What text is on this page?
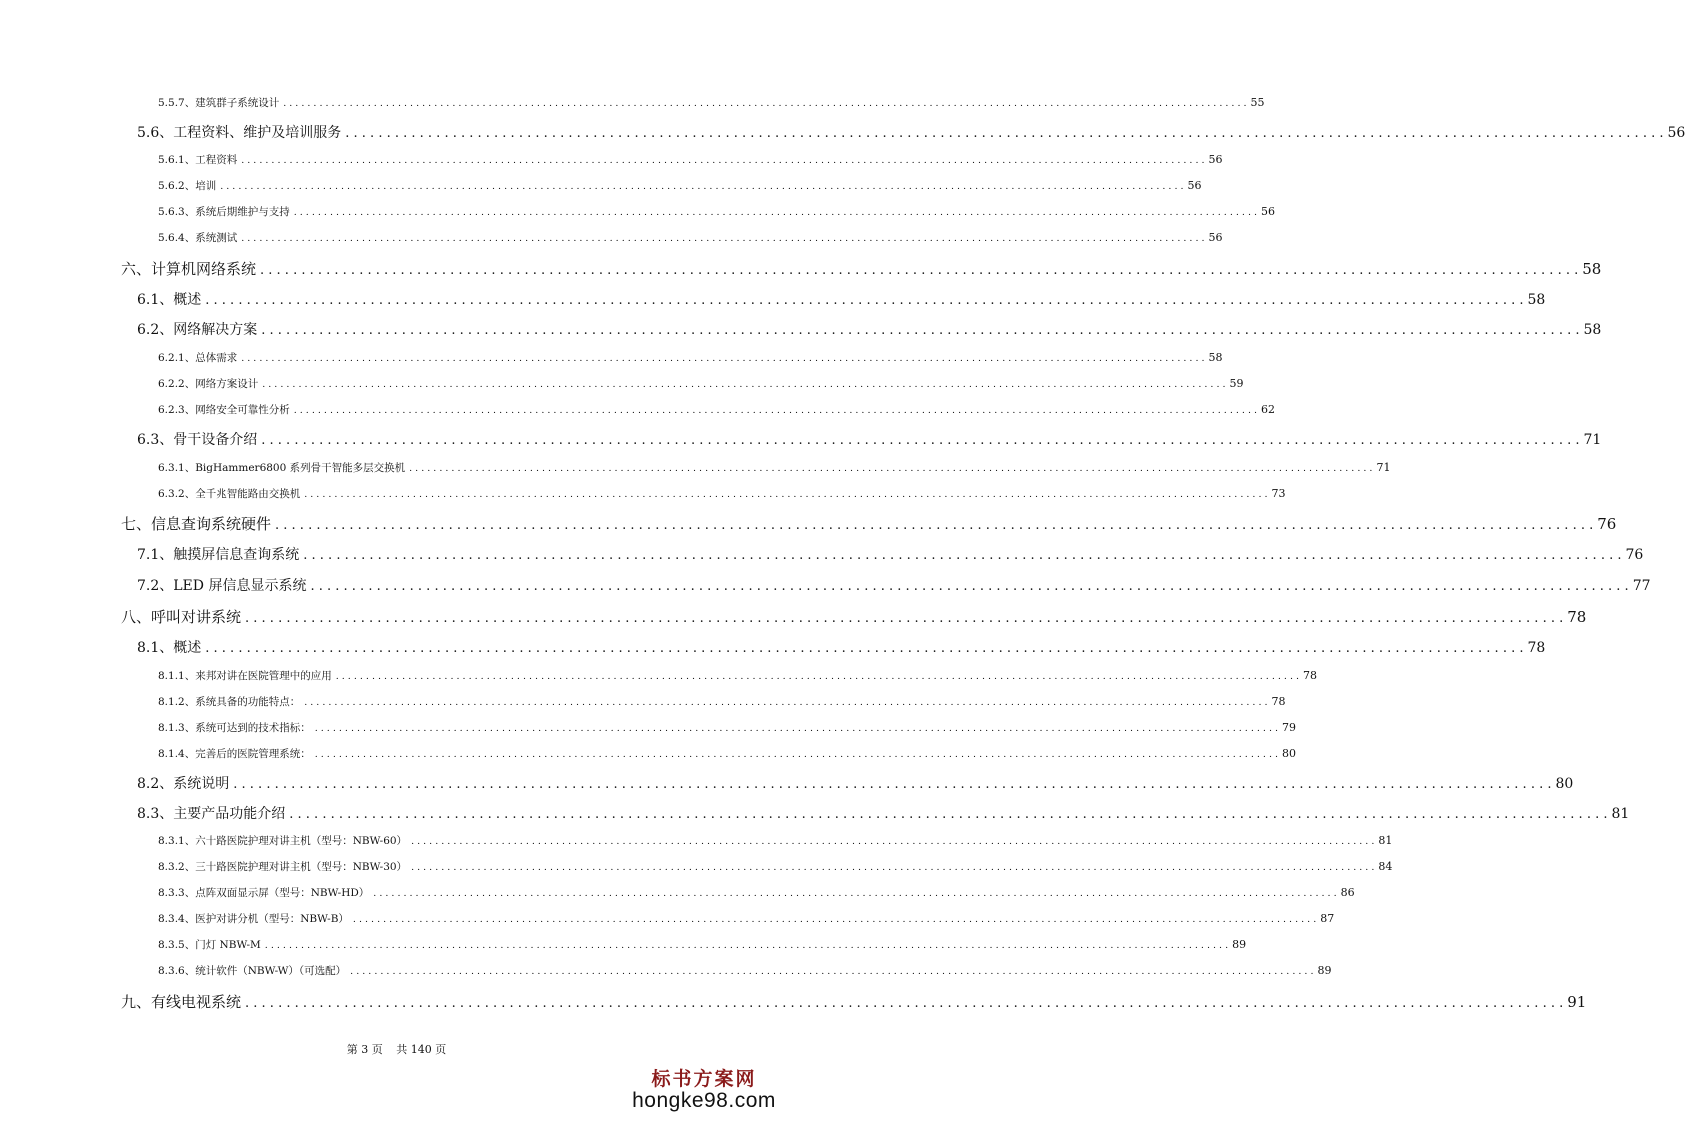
5.5.7、建筑群子系统设计 . . . . . . . . . . . . . . . . . . . . . . . . . . . . . . . . . . . . . . . . . . . . . . . . . . . . . . . . . . . . . . . . . . . . . . . . . . . . . . . . . . . . . . . . . . . . . . . . . . . . . . . . . . . . . . . . . . . . . . . . . . . . . . . . . . . . . . . . . . . . . . . . . . . . . . . . . . . . . . . . 55
5.6、工程资料、维护及培训服务 . . . . . . . . . . . . . . . . . . . . . . . . . . . . . . . . . . . . . . . . . . . . . . . . . . . . . . . . . . . . . . . . . . . . . . . . . . . . . . . . . . . . . . . . . . . . . . . . . . . . . . . . . . . . . . . . . . . . . . . . . . . . . . . . . . . . . . . . . . . . . . . . . . . . . . . . . . . . . . . . 56
5.6.1、工程资料 . . . . . . . . . . . . . . . . . . . . . . . . . . . . . . . . . . . . . . . . . . . . . . . . . . . . . . . . . . . . . . . . . . . . . . . . . . . . . . . . . . . . . . . . . . . . . . . . . . . . . . . . . . . . . . . . . . . . . . . . . . . . . . . . . . . . . . . . . . . . . . . . . . . . . . . . . . . . . . . . 56
5.6.2、培训 . . . . . . . . . . . . . . . . . . . . . . . . . . . . . . . . . . . . . . . . . . . . . . . . . . . . . . . . . . . . . . . . . . . . . . . . . . . . . . . . . . . . . . . . . . . . . . . . . . . . . . . . . . . . . . . . . . . . . . . . . . . . . . . . . . . . . . . . . . . . . . . . . . . . . . . . . . . . . . . . 56
5.6.3、系统后期维护与支持 . . . . . . . . . . . . . . . . . . . . . . . . . . . . . . . . . . . . . . . . . . . . . . . . . . . . . . . . . . . . . . . . . . . . . . . . . . . . . . . . . . . . . . . . . . . . . . . . . . . . . . . . . . . . . . . . . . . . . . . . . . . . . . . . . . . . . . . . . . . . . . . . . . . . . . . . . . . . . . . . 56
5.6.4、系统测试 . . . . . . . . . . . . . . . . . . . . . . . . . . . . . . . . . . . . . . . . . . . . . . . . . . . . . . . . . . . . . . . . . . . . . . . . . . . . . . . . . . . . . . . . . . . . . . . . . . . . . . . . . . . . . . . . . . . . . . . . . . . . . . . . . . . . . . . . . . . . . . . . . . . . . . . . . . . . . . . . 56
六、计算机网络系统 . . . . . . . . . . . . . . . . . . . . . . . . . . . . . . . . . . . . . . . . . . . . . . . . . . . . . . . . . . . . . . . . . . . . . . . . . . . . . . . . . . . . . . . . . . . . . . . . . . . . . . . . . . . . . . . . . . . . . . . . . . . . . . . . . . . . . . . . . . . . . . . . . . . . . . . . . . . . . . . . 58
6.1、概述 . . . . . . . . . . . . . . . . . . . . . . . . . . . . . . . . . . . . . . . . . . . . . . . . . . . . . . . . . . . . . . . . . . . . . . . . . . . . . . . . . . . . . . . . . . . . . . . . . . . . . . . . . . . . . . . . . . . . . . . . . . . . . . . . . . . . . . . . . . . . . . . . . . . . . . . . . . . . . . . . 58
6.2、网络解决方案 . . . . . . . . . . . . . . . . . . . . . . . . . . . . . . . . . . . . . . . . . . . . . . . . . . . . . . . . . . . . . . . . . . . . . . . . . . . . . . . . . . . . . . . . . . . . . . . . . . . . . . . . . . . . . . . . . . . . . . . . . . . . . . . . . . . . . . . . . . . . . . . . . . . . . . . . . . . . . . . . 58
6.2.1、总体需求 . . . . . . . . . . . . . . . . . . . . . . . . . . . . . . . . . . . . . . . . . . . . . . . . . . . . . . . . . . . . . . . . . . . . . . . . . . . . . . . . . . . . . . . . . . . . . . . . . . . . . . . . . . . . . . . . . . . . . . . . . . . . . . . . . . . . . . . . . . . . . . . . . . . . . . . . . . . . . . . . 58
6.2.2、网络方案设计 . . . . . . . . . . . . . . . . . . . . . . . . . . . . . . . . . . . . . . . . . . . . . . . . . . . . . . . . . . . . . . . . . . . . . . . . . . . . . . . . . . . . . . . . . . . . . . . . . . . . . . . . . . . . . . . . . . . . . . . . . . . . . . . . . . . . . . . . . . . . . . . . . . . . . . . . . . . . . . . . 59
6.2.3、网络安全可靠性分析 . . . . . . . . . . . . . . . . . . . . . . . . . . . . . . . . . . . . . . . . . . . . . . . . . . . . . . . . . . . . . . . . . . . . . . . . . . . . . . . . . . . . . . . . . . . . . . . . . . . . . . . . . . . . . . . . . . . . . . . . . . . . . . . . . . . . . . . . . . . . . . . . . . . . . . . . . . . . . . . . 62
6.3、骨干设备介绍 . . . . . . . . . . . . . . . . . . . . . . . . . . . . . . . . . . . . . . . . . . . . . . . . . . . . . . . . . . . . . . . . . . . . . . . . . . . . . . . . . . . . . . . . . . . . . . . . . . . . . . . . . . . . . . . . . . . . . . . . . . . . . . . . . . . . . . . . . . . . . . . . . . . . . . . . . . . . . . . . 71
6.3.1、BigHammer6800 系列骨干智能多层交换机 . . . . . . . . . . . . . . . . . . . . . . . . . . . . . . . . . . . . . . . . . . . . . . . . . . . . . . . . . . . . . . . . . . . . . . . . . . . . . . . . . . . . . . . . . . . . . . . . . . . . . . . . . . . . . . . . . . . . . . . . . . . . . . . . . . . . . . . . . . . . . . . . . . . . . . . . . . . . . . . . 71
6.3.2、全千兆智能路由交换机 . . . . . . . . . . . . . . . . . . . . . . . . . . . . . . . . . . . . . . . . . . . . . . . . . . . . . . . . . . . . . . . . . . . . . . . . . . . . . . . . . . . . . . . . . . . . . . . . . . . . . . . . . . . . . . . . . . . . . . . . . . . . . . . . . . . . . . . . . . . . . . . . . . . . . . . . . . . . . . . . 73
七、信息查询系统硬件 . . . . . . . . . . . . . . . . . . . . . . . . . . . . . . . . . . . . . . . . . . . . . . . . . . . . . . . . . . . . . . . . . . . . . . . . . . . . . . . . . . . . . . . . . . . . . . . . . . . . . . . . . . . . . . . . . . . . . . . . . . . . . . . . . . . . . . . . . . . . . . . . . . . . . . . . . . . . . . . . 76
7.1、触摸屏信息查询系统 . . . . . . . . . . . . . . . . . . . . . . . . . . . . . . . . . . . . . . . . . . . . . . . . . . . . . . . . . . . . . . . . . . . . . . . . . . . . . . . . . . . . . . . . . . . . . . . . . . . . . . . . . . . . . . . . . . . . . . . . . . . . . . . . . . . . . . . . . . . . . . . . . . . . . . . . . . . . . . . . 76
7.2、LED 屏信息显示系统 . . . . . . . . . . . . . . . . . . . . . . . . . . . . . . . . . . . . . . . . . . . . . . . . . . . . . . . . . . . . . . . . . . . . . . . . . . . . . . . . . . . . . . . . . . . . . . . . . . . . . . . . . . . . . . . . . . . . . . . . . . . . . . . . . . . . . . . . . . . . . . . . . . . . . . . . . . . . . . . . 77
八、呼叫对讲系统 . . . . . . . . . . . . . . . . . . . . . . . . . . . . . . . . . . . . . . . . . . . . . . . . . . . . . . . . . . . . . . . . . . . . . . . . . . . . . . . . . . . . . . . . . . . . . . . . . . . . . . . . . . . . . . . . . . . . . . . . . . . . . . . . . . . . . . . . . . . . . . . . . . . . . . . . . . . . . . . . 78
8.1、概述 . . . . . . . . . . . . . . . . . . . . . . . . . . . . . . . . . . . . . . . . . . . . . . . . . . . . . . . . . . . . . . . . . . . . . . . . . . . . . . . . . . . . . . . . . . . . . . . . . . . . . . . . . . . . . . . . . . . . . . . . . . . . . . . . . . . . . . . . . . . . . . . . . . . . . . . . . . . . . . . . 78
8.1.1、来邦对讲在医院管理中的应用 . . . . . . . . . . . . . . . . . . . . . . . . . . . . . . . . . . . . . . . . . . . . . . . . . . . . . . . . . . . . . . . . . . . . . . . . . . . . . . . . . . . . . . . . . . . . . . . . . . . . . . . . . . . . . . . . . . . . . . . . . . . . . . . . . . . . . . . . . . . . . . . . . . . . . . . . . . . . . . . . 78
8.1.2、系统具备的功能特点： . . . . . . . . . . . . . . . . . . . . . . . . . . . . . . . . . . . . . . . . . . . . . . . . . . . . . . . . . . . . . . . . . . . . . . . . . . . . . . . . . . . . . . . . . . . . . . . . . . . . . . . . . . . . . . . . . . . . . . . . . . . . . . . . . . . . . . . . . . . . . . . . . . . . . . . . . . . . . . . . 78
8.1.3、系统可达到的技术指标： . . . . . . . . . . . . . . . . . . . . . . . . . . . . . . . . . . . . . . . . . . . . . . . . . . . . . . . . . . . . . . . . . . . . . . . . . . . . . . . . . . . . . . . . . . . . . . . . . . . . . . . . . . . . . . . . . . . . . . . . . . . . . . . . . . . . . . . . . . . . . . . . . . . . . . . . . . . . . . . . 79
8.1.4、完善后的医院管理系统： . . . . . . . . . . . . . . . . . . . . . . . . . . . . . . . . . . . . . . . . . . . . . . . . . . . . . . . . . . . . . . . . . . . . . . . . . . . . . . . . . . . . . . . . . . . . . . . . . . . . . . . . . . . . . . . . . . . . . . . . . . . . . . . . . . . . . . . . . . . . . . . . . . . . . . . . . . . . . . . . 80
8.2、系统说明 . . . . . . . . . . . . . . . . . . . . . . . . . . . . . . . . . . . . . . . . . . . . . . . . . . . . . . . . . . . . . . . . . . . . . . . . . . . . . . . . . . . . . . . . . . . . . . . . . . . . . . . . . . . . . . . . . . . . . . . . . . . . . . . . . . . . . . . . . . . . . . . . . . . . . . . . . . . . . . . . 80
8.3、主要产品功能介绍 . . . . . . . . . . . . . . . . . . . . . . . . . . . . . . . . . . . . . . . . . . . . . . . . . . . . . . . . . . . . . . . . . . . . . . . . . . . . . . . . . . . . . . . . . . . . . . . . . . . . . . . . . . . . . . . . . . . . . . . . . . . . . . . . . . . . . . . . . . . . . . . . . . . . . . . . . . . . . . . . 81
8.3.1、六十路医院护理对讲主机（型号：NBW-60） . . . . . . . . . . . . . . . . . . . . . . . . . . . . . . . . . . . . . . . . . . . . . . . . . . . . . . . . . . . . . . . . . . . . . . . . . . . . . . . . . . . . . . . . . . . . . . . . . . . . . . . . . . . . . . . . . . . . . . . . . . . . . . . . . . . . . . . . . . . . . . . . . . . . . . . . . . . . . . . . 81
8.3.2、三十路医院护理对讲主机（型号：NBW-30） . . . . . . . . . . . . . . . . . . . . . . . . . . . . . . . . . . . . . . . . . . . . . . . . . . . . . . . . . . . . . . . . . . . . . . . . . . . . . . . . . . . . . . . . . . . . . . . . . . . . . . . . . . . . . . . . . . . . . . . . . . . . . . . . . . . . . . . . . . . . . . . . . . . . . . . . . . . . . . . . 84
8.3.3、点阵双面显示屏（型号：NBW-HD） . . . . . . . . . . . . . . . . . . . . . . . . . . . . . . . . . . . . . . . . . . . . . . . . . . . . . . . . . . . . . . . . . . . . . . . . . . . . . . . . . . . . . . . . . . . . . . . . . . . . . . . . . . . . . . . . . . . . . . . . . . . . . . . . . . . . . . . . . . . . . . . . . . . . . . . . . . . . . . . . 86
8.3.4、医护对讲分机（型号：NBW-B） . . . . . . . . . . . . . . . . . . . . . . . . . . . . . . . . . . . . . . . . . . . . . . . . . . . . . . . . . . . . . . . . . . . . . . . . . . . . . . . . . . . . . . . . . . . . . . . . . . . . . . . . . . . . . . . . . . . . . . . . . . . . . . . . . . . . . . . . . . . . . . . . . . . . . . . . . . . . . . . . 87
8.3.5、门灯 NBW-M . . . . . . . . . . . . . . . . . . . . . . . . . . . . . . . . . . . . . . . . . . . . . . . . . . . . . . . . . . . . . . . . . . . . . . . . . . . . . . . . . . . . . . . . . . . . . . . . . . . . . . . . . . . . . . . . . . . . . . . . . . . . . . . . . . . . . . . . . . . . . . . . . . . . . . . . . . . . . . . . 89
8.3.6、统计软件（NBW-W）（可选配） . . . . . . . . . . . . . . . . . . . . . . . . . . . . . . . . . . . . . . . . . . . . . . . . . . . . . . . . . . . . . . . . . . . . . . . . . . . . . . . . . . . . . . . . . . . . . . . . . . . . . . . . . . . . . . . . . . . . . . . . . . . . . . . . . . . . . . . . . . . . . . . . . . . . . . . . . . . . . . . . 89
九、有线电视系统 . . . . . . . . . . . . . . . . . . . . . . . . . . . . . . . . . . . . . . . . . . . . . . . . . . . . . . . . . . . . . . . . . . . . . . . . . . . . . . . . . . . . . . . . . . . . . . . . . . . . . . . . . . . . . . . . . . . . . . . . . . . . . . . . . . . . . . . . . . . . . . . . . . . . . . . . . . . . . . . . 91
第 3 页 共 140 页
标书方案网
hongke98.com
